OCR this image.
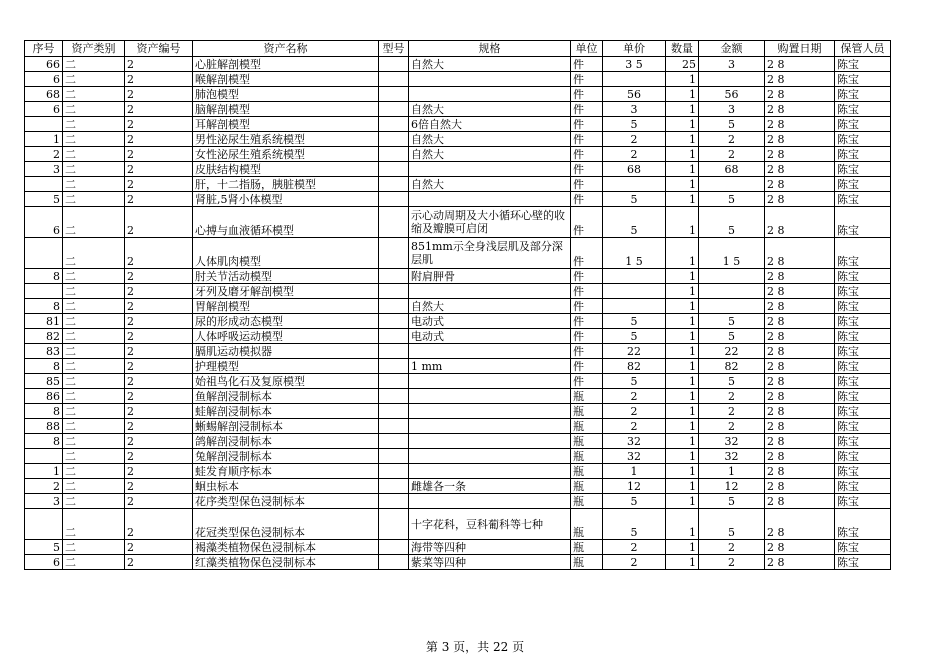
序号	资产类别	资产编号	资产名称	型号	规格	单位	单价	数量	金额	购置日期	保管人员
66	二	2	心脏解剖模型		自然大	件	3 5	25	3	2 8	陈宝
6	二	2	喉解剖模型			件		1		2 8	陈宝
68	二	2	肺泡模型			件	56	1	56	2 8	陈宝
6	二	2	脑解剖模型		自然大	件	3	1	3	2 8	陈宝
	二	2	耳解剖模型		6倍自然大	件	5	1	5	2 8	陈宝
1	二	2	男性泌尿生殖系统模型		自然大	件	2	1	2	2 8	陈宝
2	二	2	女性泌尿生殖系统模型		自然大	件	2	1	2	2 8	陈宝
3	二	2	皮肤结构模型			件	68	1	68	2 8	陈宝
	二	2	肝，十二指肠，胰脏模型		自然大	件		1		2 8	陈宝
5	二	2	肾脏,5肾小体模型			件	5	1	5	2 8	陈宝
6	二	2	心搏与血液循环模型		示心动周期及大小循环心壁的收缩及瓣膜可启闭	件	5	1	5	2 8	陈宝
	二	2	人体肌肉模型		851mm示全身浅层肌及部分深层肌	件	1 5	1	1 5	2 8	陈宝
8	二	2	肘关节活动模型		附肩胛骨	件		1		2 8	陈宝
	二	2	牙列及磨牙解剖模型			件		1		2 8	陈宝
8	二	2	胃解剖模型		自然大	件		1		2 8	陈宝
81	二	2	尿的形成动态模型		电动式	件	5	1	5	2 8	陈宝
82	二	2	人体呼吸运动模型		电动式	件	5	1	5	2 8	陈宝
83	二	2	膈肌运动模拟器			件	22	1	22	2 8	陈宝
8	二	2	护理模型		1 mm	件	82	1	82	2 8	陈宝
85	二	2	始祖鸟化石及复原模型			件	5	1	5	2 8	陈宝
86	二	2	鱼解剖浸制标本			瓶	2	1	2	2 8	陈宝
8	二	2	蛙解剖浸制标本			瓶	2	1	2	2 8	陈宝
88	二	2	蜥蜴解剖浸制标本			瓶	2	1	2	2 8	陈宝
8	二	2	鸽解剖浸制标本			瓶	32	1	32	2 8	陈宝
	二	2	兔解剖浸制标本			瓶	32	1	32	2 8	陈宝
1	二	2	蛙发育顺序标本			瓶	1	1	1	2 8	陈宝
2	二	2	蛔虫标本		雌雄各一条	瓶	12	1	12	2 8	陈宝
3	二	2	花序类型保色浸制标本			瓶	5	1	5	2 8	陈宝
	二	2	花冠类型保色浸制标本		十字花科，豆科葡科等七种	瓶	5	1	5	2 8	陈宝
5	二	2	褐藻类植物保色浸制标本		海带等四种	瓶	2	1	2	2 8	陈宝
6	二	2	红藻类植物保色浸制标本		紫菜等四种	瓶	2	1	2	2 8	陈宝
第 3 页，共 22 页
